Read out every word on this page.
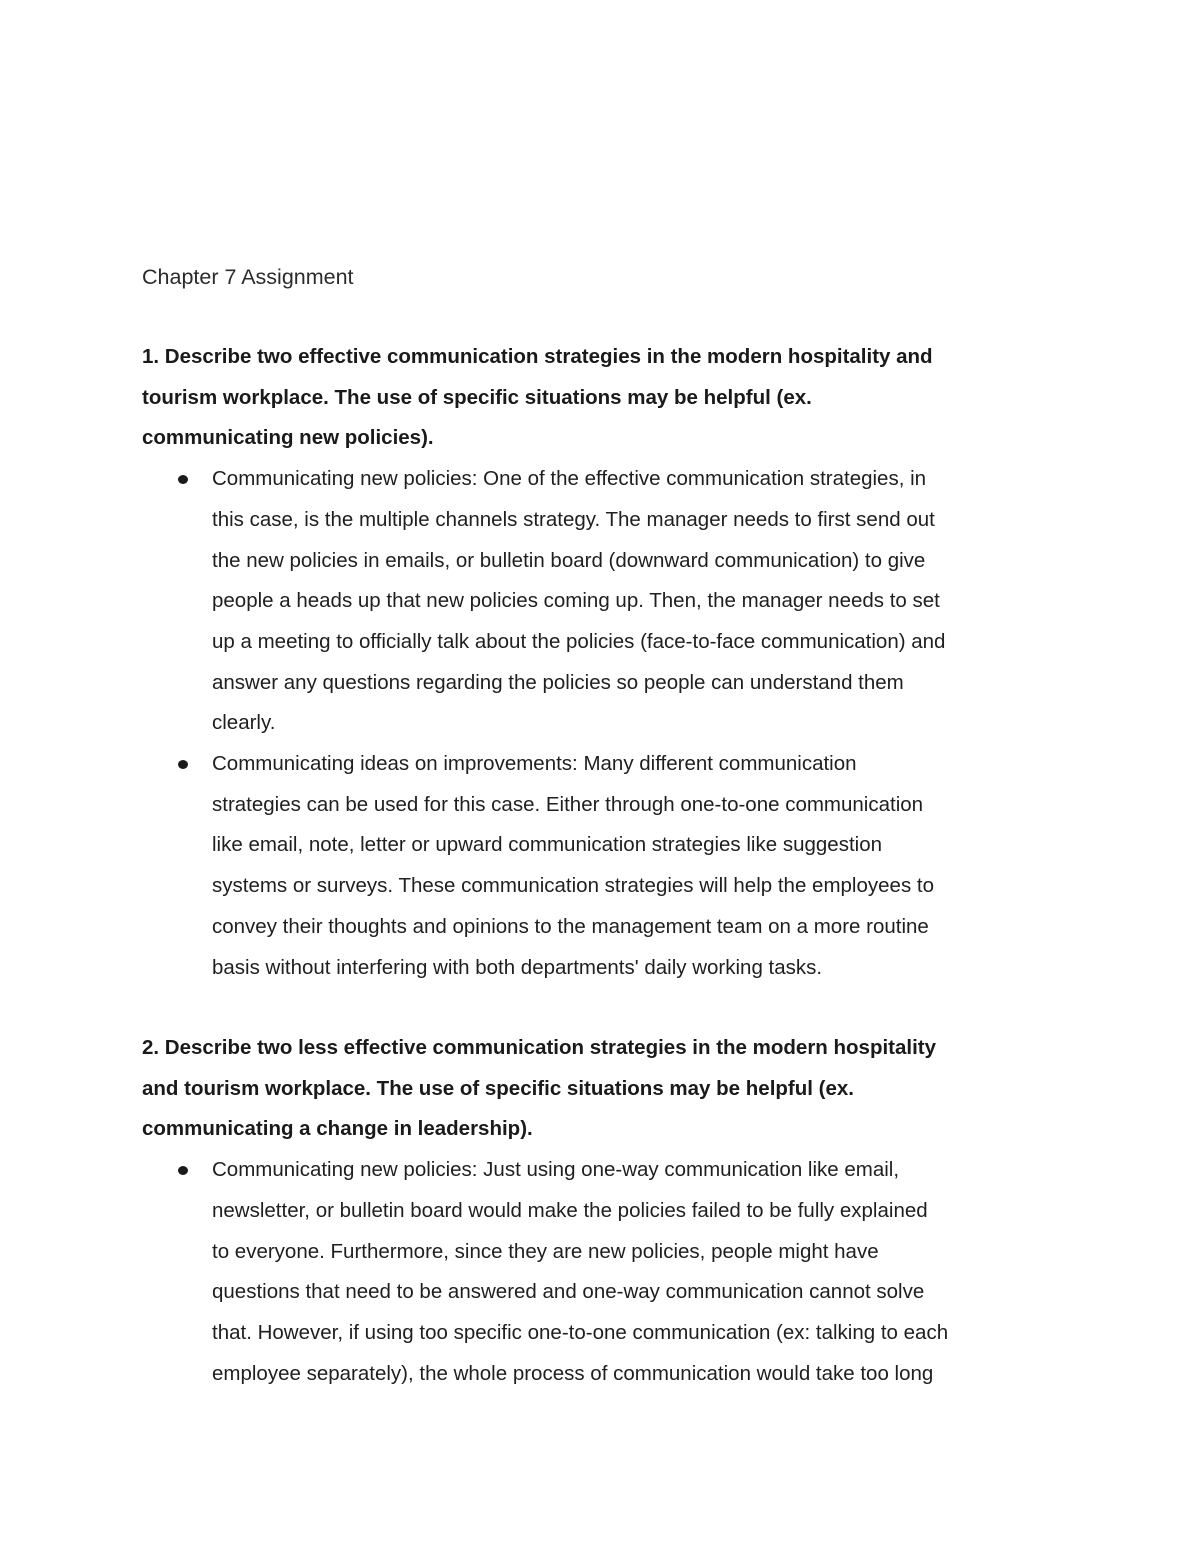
Chapter 7 Assignment

1. Describe two effective communication strategies in the modern hospitality and
tourism workplace. The use of specific situations may be helpful (ex.
communicating new policies).

Communicating new policies: One of the effective communication strategies, in
this case, is the multiple channels strategy. The manager needs to first send out
the new policies in emails, or bulletin board (downward communication) to give
people a heads up that new policies coming up. Then, the manager needs to set
up a meeting to officially talk about the policies (face-to-face communication) and
answer any questions regarding the policies so people can understand them
clearly.
Communicating ideas on improvements: Many different communication
strategies can be used for this case. Either through one-to-one communication
like email, note, letter or upward communication strategies like suggestion
systems or surveys. These communication strategies will help the employees to
convey their thoughts and opinions to the management team on a more routine
basis without interfering with both departments' daily working tasks.

2. Describe two less effective communication strategies in the modern hospitality
and tourism workplace. The use of specific situations may be helpful (ex.
communicating a change in leadership).

Communicating new policies: Just using one-way communication like email,
newsletter, or bulletin board would make the policies failed to be fully explained
to everyone. Furthermore, since they are new policies, people might have
questions that need to be answered and one-way communication cannot solve
that. However, if using too specific one-to-one communication (ex: talking to each
employee separately), the whole process of communication would take too long
